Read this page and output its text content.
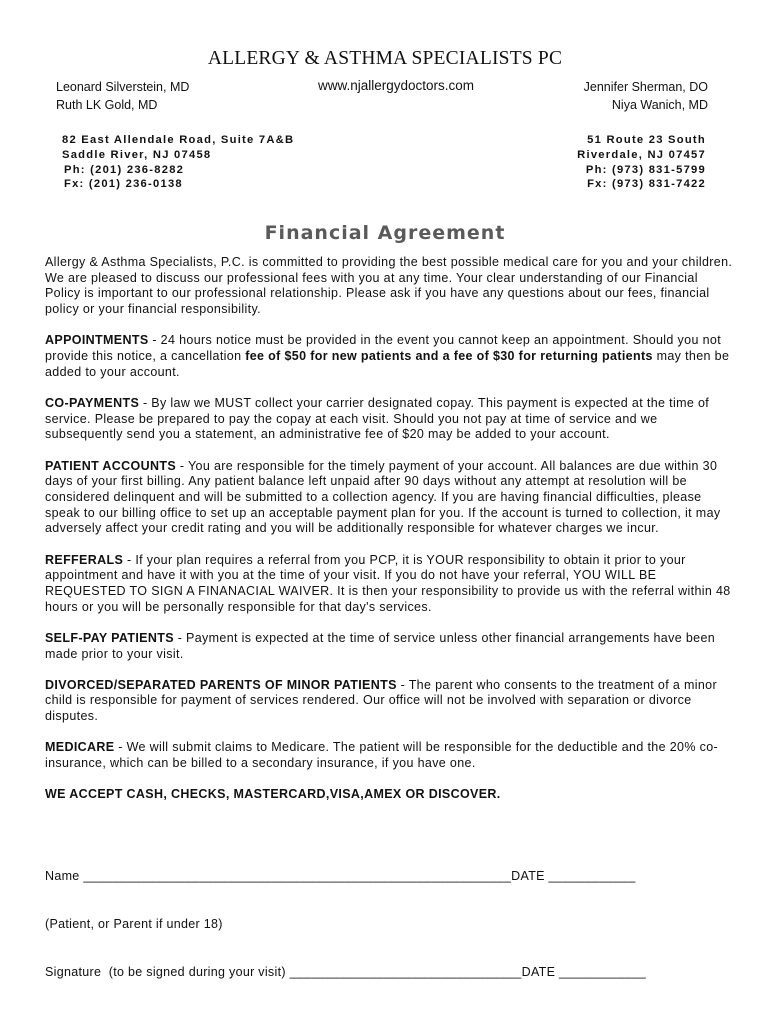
ALLERGY & ASTHMA SPECIALISTS PC
Leonard Silverstein, MD
Ruth LK Gold, MD
www.njallergydoctors.com	Jennifer Sherman, DO
Niya Wanich, MD
82 East Allendale Road, Suite 7A&B
Saddle River, NJ 07458
Ph: (201) 236-8282
Fx: (201) 236-0138
51 Route 23 South
Riverdale, NJ 07457
Ph: (973) 831-5799
Fx: (973) 831-7422
Financial Agreement

Allergy & Asthma Specialists, P.C. is committed to providing the best possible medical care for you and your children. We are pleased to discuss our professional fees with you at any time. Your clear understanding of our Financial Policy is important to our professional relationship. Please ask if you have any questions about our fees, financial policy or your financial responsibility.

APPOINTMENTS - 24 hours notice must be provided in the event you cannot keep an appointment. Should you not provide this notice, a cancellation fee of $50 for new patients and a fee of $30 for returning patients may then be added to your account.

CO-PAYMENTS - By law we MUST collect your carrier designated copay. This payment is expected at the time of service. Please be prepared to pay the copay at each visit. Should you not pay at time of service and we subsequently send you a statement, an administrative fee of $20 may be added to your account.

PATIENT ACCOUNTS - You are responsible for the timely payment of your account. All balances are due within 30 days of your first billing. Any patient balance left unpaid after 90 days without any attempt at resolution will be considered delinquent and will be submitted to a collection agency. If you are having financial difficulties, please speak to our billing office to set up an acceptable payment plan for you. If the account is turned to collection, it may adversely affect your credit rating and you will be additionally responsible for whatever charges we incur.

REFFERALS - If your plan requires a referral from you PCP, it is YOUR responsibility to obtain it prior to your appointment and have it with you at the time of your visit. If you do not have your referral, YOU WILL BE REQUESTED TO SIGN A FINANACIAL WAIVER. It is then your responsibility to provide us with the referral within 48 hours or you will be personally responsible for that day's services.

SELF-PAY PATIENTS - Payment is expected at the time of service unless other financial arrangements have been made prior to your visit.

DIVORCED/SEPARATED PARENTS OF MINOR PATIENTS - The parent who consents to the treatment of a minor child is responsible for payment of services rendered. Our office will not be involved with separation or divorce disputes.

MEDICARE - We will submit claims to Medicare. The patient will be responsible for the deductible and the 20% co-insurance, which can be billed to a secondary insurance, if you have one.

WE ACCEPT CASH, CHECKS, MASTERCARD,VISA,AMEX OR DISCOVER.

Name ___________________________________________________________DATE ____________

(Patient, or Parent if under 18)

Signature  (to be signed during your visit) ________________________________DATE ____________
